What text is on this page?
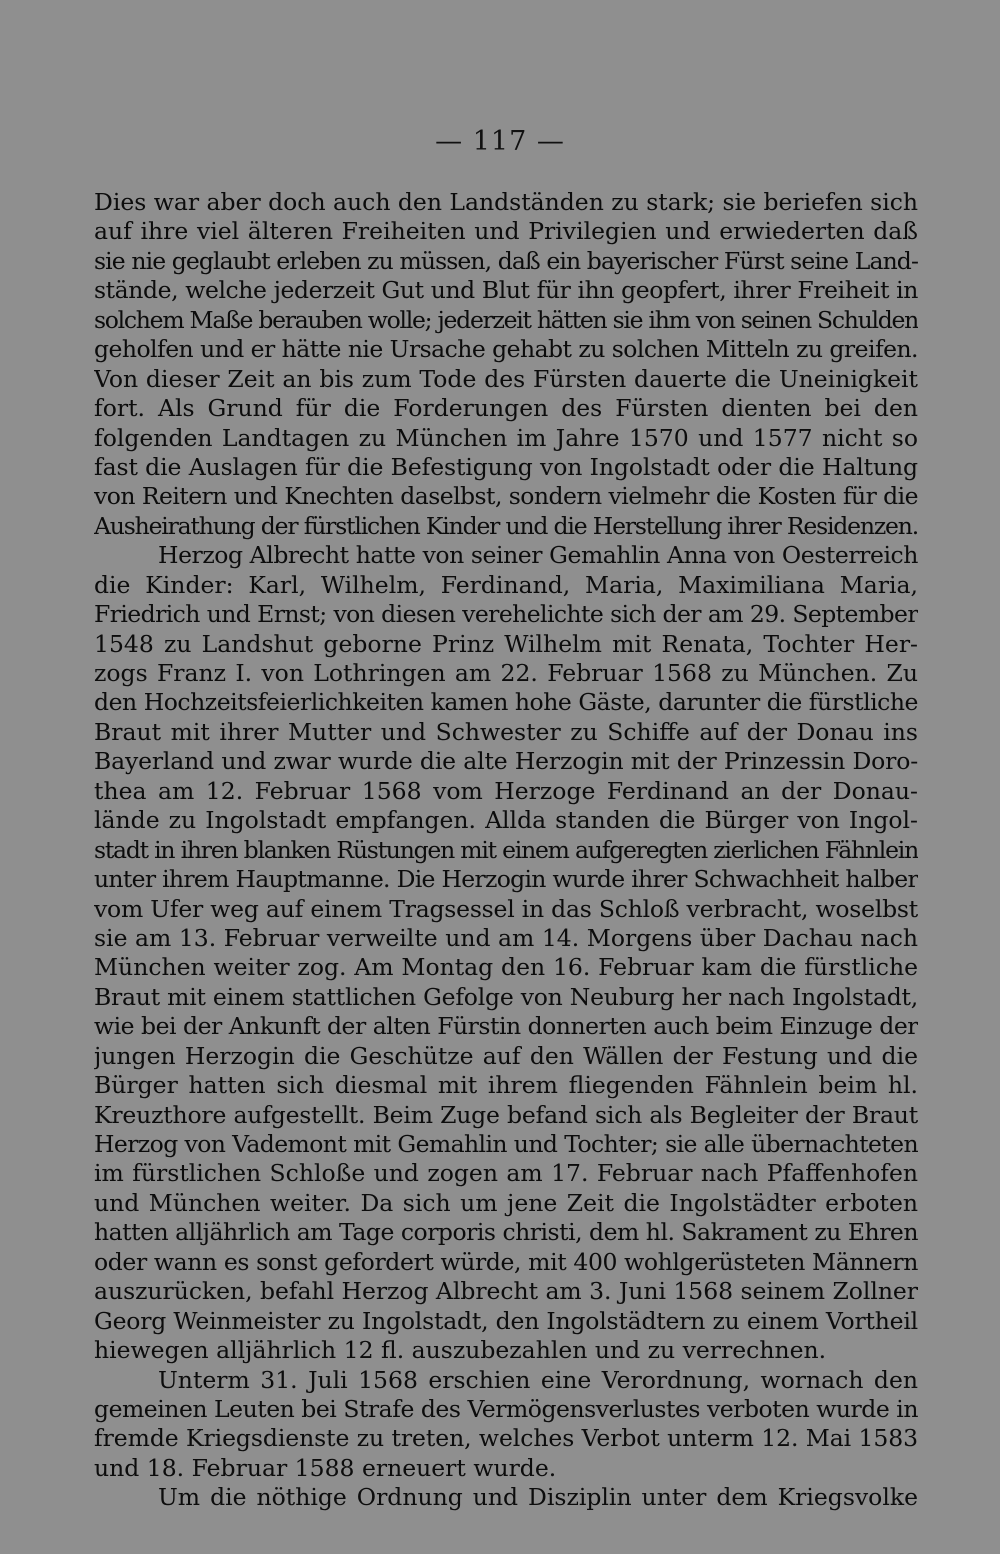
— 117 —
Dies war aber doch auch den Landständen zu stark; sie beriefen sich
auf ihre viel älteren Freiheiten und Privilegien und erwiederten daß
sie nie geglaubt erleben zu müssen, daß ein bayerischer Fürst seine Land-
stände, welche jederzeit Gut und Blut für ihn geopfert, ihrer Freiheit in
solchem Maße berauben wolle; jederzeit hätten sie ihm von seinen Schulden
geholfen und er hätte nie Ursache gehabt zu solchen Mitteln zu greifen.
Von dieser Zeit an bis zum Tode des Fürsten dauerte die Uneinigkeit
fort. Als Grund für die Forderungen des Fürsten dienten bei den
folgenden Landtagen zu München im Jahre 1570 und 1577 nicht so
fast die Auslagen für die Befestigung von Ingolstadt oder die Haltung
von Reitern und Knechten daselbst, sondern vielmehr die Kosten für die
Ausheirathung der fürstlichen Kinder und die Herstellung ihrer Residenzen.
Herzog Albrecht hatte von seiner Gemahlin Anna von Oesterreich
die Kinder: Karl, Wilhelm, Ferdinand, Maria, Maximiliana Maria,
Friedrich und Ernst; von diesen verehelichte sich der am 29. September
1548 zu Landshut geborne Prinz Wilhelm mit Renata, Tochter Her-
zogs Franz I. von Lothringen am 22. Februar 1568 zu München. Zu
den Hochzeitsfeierlichkeiten kamen hohe Gäste, darunter die fürstliche
Braut mit ihrer Mutter und Schwester zu Schiffe auf der Donau ins
Bayerland und zwar wurde die alte Herzogin mit der Prinzessin Doro-
thea am 12. Februar 1568 vom Herzoge Ferdinand an der Donau-
lände zu Ingolstadt empfangen. Allda standen die Bürger von Ingol-
stadt in ihren blanken Rüstungen mit einem aufgeregten zierlichen Fähnlein
unter ihrem Hauptmanne. Die Herzogin wurde ihrer Schwachheit halber
vom Ufer weg auf einem Tragsessel in das Schloß verbracht, woselbst
sie am 13. Februar verweilte und am 14. Morgens über Dachau nach
München weiter zog. Am Montag den 16. Februar kam die fürstliche
Braut mit einem stattlichen Gefolge von Neuburg her nach Ingolstadt,
wie bei der Ankunft der alten Fürstin donnerten auch beim Einzuge der
jungen Herzogin die Geschütze auf den Wällen der Festung und die
Bürger hatten sich diesmal mit ihrem fliegenden Fähnlein beim hl.
Kreuzthore aufgestellt. Beim Zuge befand sich als Begleiter der Braut
Herzog von Vademont mit Gemahlin und Tochter; sie alle übernachteten
im fürstlichen Schloße und zogen am 17. Februar nach Pfaffenhofen
und München weiter. Da sich um jene Zeit die Ingolstädter erboten
hatten alljährlich am Tage corporis christi, dem hl. Sakrament zu Ehren
oder wann es sonst gefordert würde, mit 400 wohlgerüsteten Männern
auszurücken, befahl Herzog Albrecht am 3. Juni 1568 seinem Zollner
Georg Weinmeister zu Ingolstadt, den Ingolstädtern zu einem Vortheil
hiewegen alljährlich 12 fl. auszubezahlen und zu verrechnen.
Unterm 31. Juli 1568 erschien eine Verordnung, wornach den
gemeinen Leuten bei Strafe des Vermögensverlustes verboten wurde in
fremde Kriegsdienste zu treten, welches Verbot unterm 12. Mai 1583
und 18. Februar 1588 erneuert wurde.
Um die nöthige Ordnung und Disziplin unter dem Kriegsvolke
